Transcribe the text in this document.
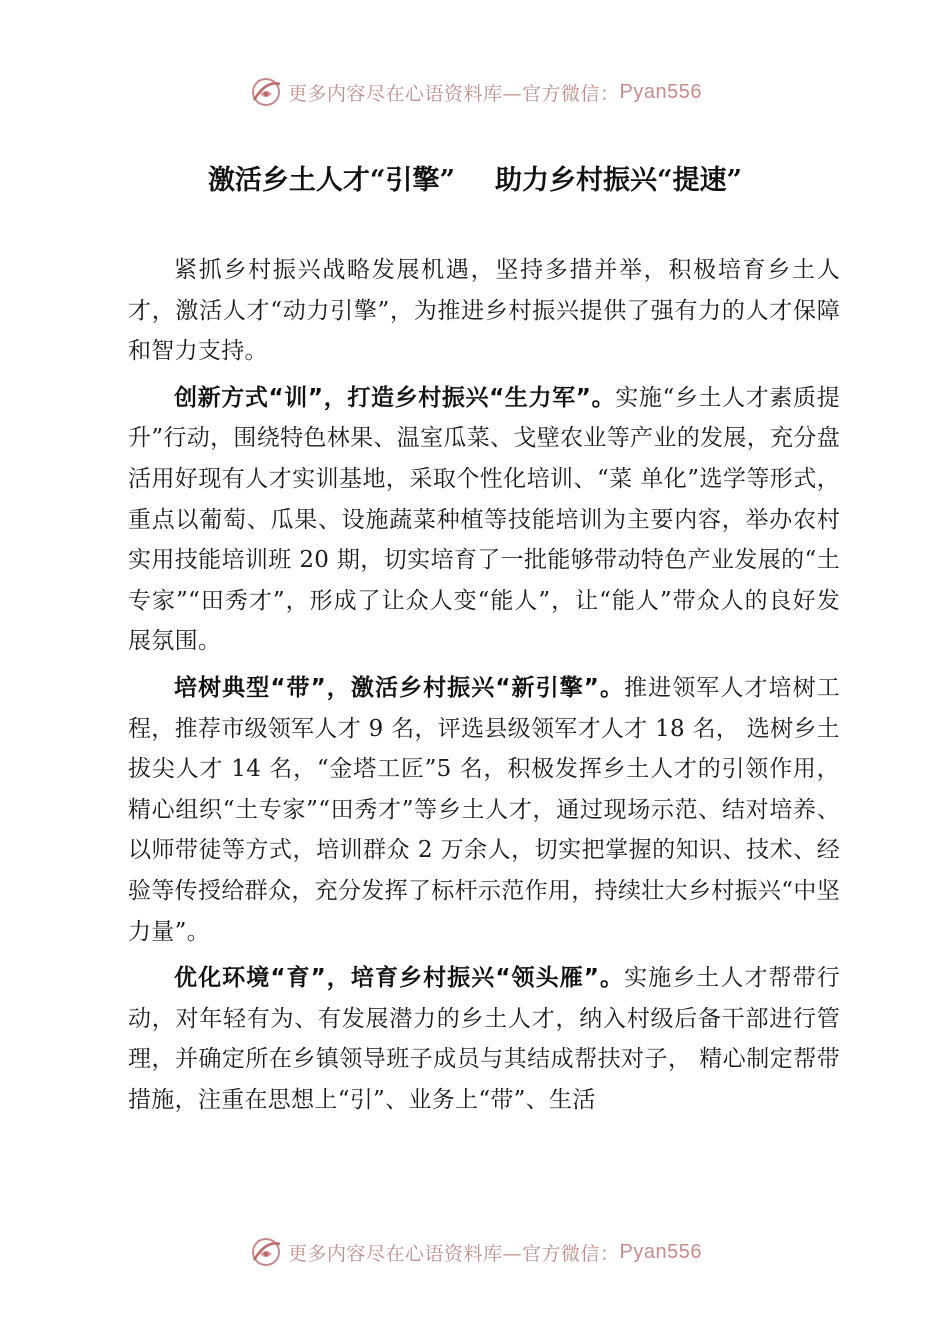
更多内容尽在心语资料库—官方微信： Pyan556
激活乡土人才“引擎” 助力乡村振兴“提速”

紧抓乡村振兴战略发展机遇，坚持多措并举，积极培育乡土人才，激活人才“动力引擎”，为推进乡村振兴提供了强有力的人才保障和智力支持。

创新方式“训”，打造乡村振兴“生力军”。实施“乡土人才素质提升”行动，围绕特色林果、温室瓜菜、戈壁农业等产业的发展，充分盘活用好现有人才实训基地，采取个性化培训、“菜 单化”选学等形式，重点以葡萄、瓜果、设施蔬菜种植等技能培训为主要内容，举办农村实用技能培训班 20 期，切实培育了一批能够带动特色产业发展的“土专家”“田秀才”，形成了让众人变“能人”，让“能人”带众人的良好发展氛围。

培树典型“带”，激活乡村振兴“新引擎”。推进领军人才培树工程，推荐市级领军人才 9 名，评选县级领军才人才 18 名， 选树乡土拔尖人才 14 名，“金塔工匠”5 名，积极发挥乡土人才的引领作用，精心组织“土专家”“田秀才”等乡土人才，通过现场示范、结对培养、以师带徒等方式，培训群众 2 万余人，切实把掌握的知识、技术、经验等传授给群众，充分发挥了标杆示范作用，持续壮大乡村振兴“中坚力量”。

优化环境“育”，培育乡村振兴“领头雁”。实施乡土人才帮带行动，对年轻有为、有发展潜力的乡土人才，纳入村级后备干部进行管理，并确定所在乡镇领导班子成员与其结成帮扶对子， 精心制定帮带措施，注重在思想上“引”、业务上“带”、生活

更多内容尽在心语资料库—官方微信： Pyan556
